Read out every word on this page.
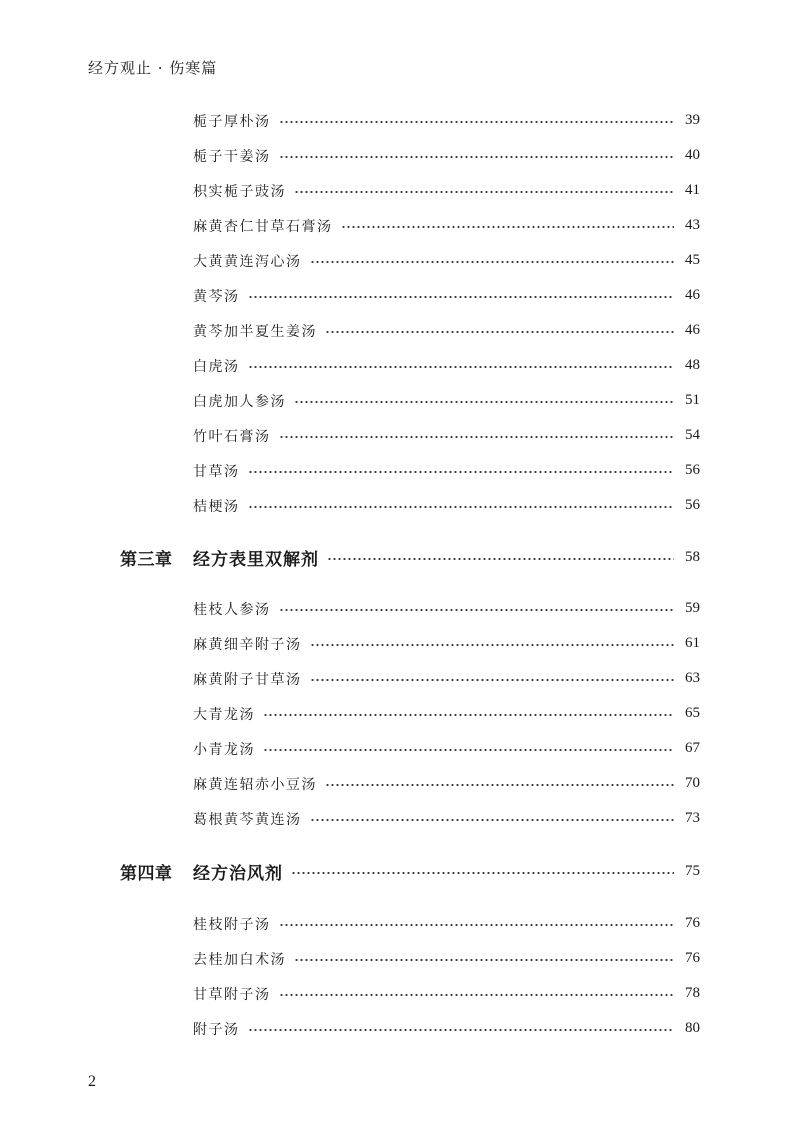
经方观止 · 伤寒篇
栀子厚朴汤	39
栀子干姜汤	40
枳实栀子豉汤	41
麻黄杏仁甘草石膏汤	43
大黄黄连泻心汤	45
黄芩汤	46
黄芩加半夏生姜汤	46
白虎汤	48
白虎加人参汤	51
竹叶石膏汤	54
甘草汤	56
桔梗汤	56
第三章	经方表里双解剂	58
桂枝人参汤	59
麻黄细辛附子汤	61
麻黄附子甘草汤	63
大青龙汤	65
小青龙汤	67
麻黄连轺赤小豆汤	70
葛根黄芩黄连汤	73
第四章	经方治风剂	75
桂枝附子汤	76
去桂加白术汤	76
甘草附子汤	78
附子汤	80
2
